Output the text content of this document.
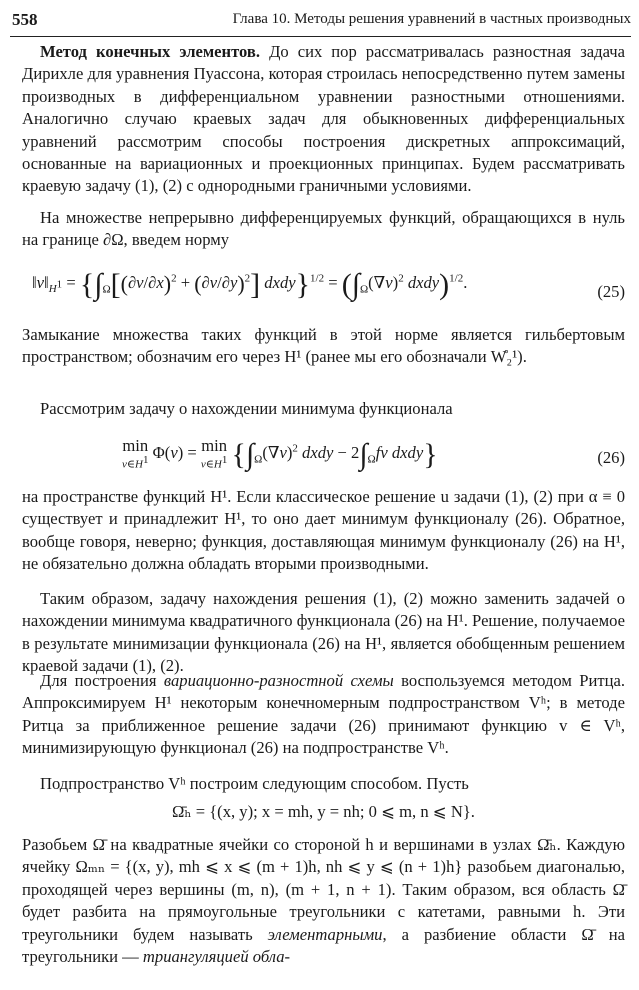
558	Глава 10. Методы решения уравнений в частных производных
Метод конечных элементов. До сих пор рассматривалась разностная задача Дирихле для уравнения Пуассона, которая строилась непосредственно путем замены производных в дифференциальном уравнении разностными отношениями. Аналогично случаю краевых задач для обыкновенных дифференциальных уравнений рассмотрим способы построения дискретных аппроксимаций, основанные на вариационных и проекционных принципах. Будем рассматривать краевую задачу (1), (2) с однородными граничными условиями.
На множестве непрерывно дифференцируемых функций, обращающихся в нуль на границе ∂Ω, введем норму
$‖v‖_{H^1} = \{\int_\Omega[(\partial v/\partial x)^2 + (\partial v/\partial y)^2]$ dxdy}$^{1/2}$ = ($\int_\Omega(\nabla v)^2$ dxdy)$^{1/2}$.	(25)
Замыкание множества таких функций в этой норме является гильбертовым пространством; обозначим его через H¹ (ранее мы его обозначали W̊₂¹).
Рассмотрим задачу о нахождении минимума функционала
min
$v\in H^1$ Φ(v) = min
$v\in H^1$ {$\int_\Omega(\nabla v)^2$ dxdy − $2\int_\Omega fv$ dxdy}	(26)
на пространстве функций H¹. Если классическое решение u задачи (1), (2) при α ≡ 0 существует и принадлежит H¹, то оно дает минимум функционалу (26). Обратное, вообще говоря, неверно; функция, доставляющая минимум функционалу (26) на H¹, не обязательно должна обладать вторыми производными.
Таким образом, задачу нахождения решения (1), (2) можно заменить задачей о нахождении минимума квадратичного функционала (26) на H¹. Решение, получаемое в результате минимизации функционала (26) на H¹, является обобщенным решением краевой задачи (1), (2).
Для построения вариационно-разностной схемы воспользуемся методом Ритца. Аппроксимируем H¹ некоторым конечномерным подпространством Vʰ; в методе Ритца за приближенное решение задачи (26) принимают функцию v ∈ Vʰ, минимизирующую функционал (26) на подпространстве Vʰ.
Подпространство Vʰ построим следующим способом. Пусть
Ω̄ₕ = {(x, y); x = mh, y = nh; 0 ⩽ m, n ⩽ N}.
Разобьем Ω̄ на квадратные ячейки со стороной h и вершинами в узлах Ω̄ₕ. Каждую ячейку Ωₘₙ = {(x, y), mh ⩽ x ⩽ (m + 1)h, nh ⩽ y ⩽ (n + 1)h} разобьем диагональю, проходящей через вершины (m, n), (m + 1, n + 1). Таким образом, вся область Ω̄ будет разбита на прямоугольные треугольники с катетами, равными h. Эти треугольники будем называть элементарными, а разбиение области Ω̄ на треугольники — триангуляцией обла-
